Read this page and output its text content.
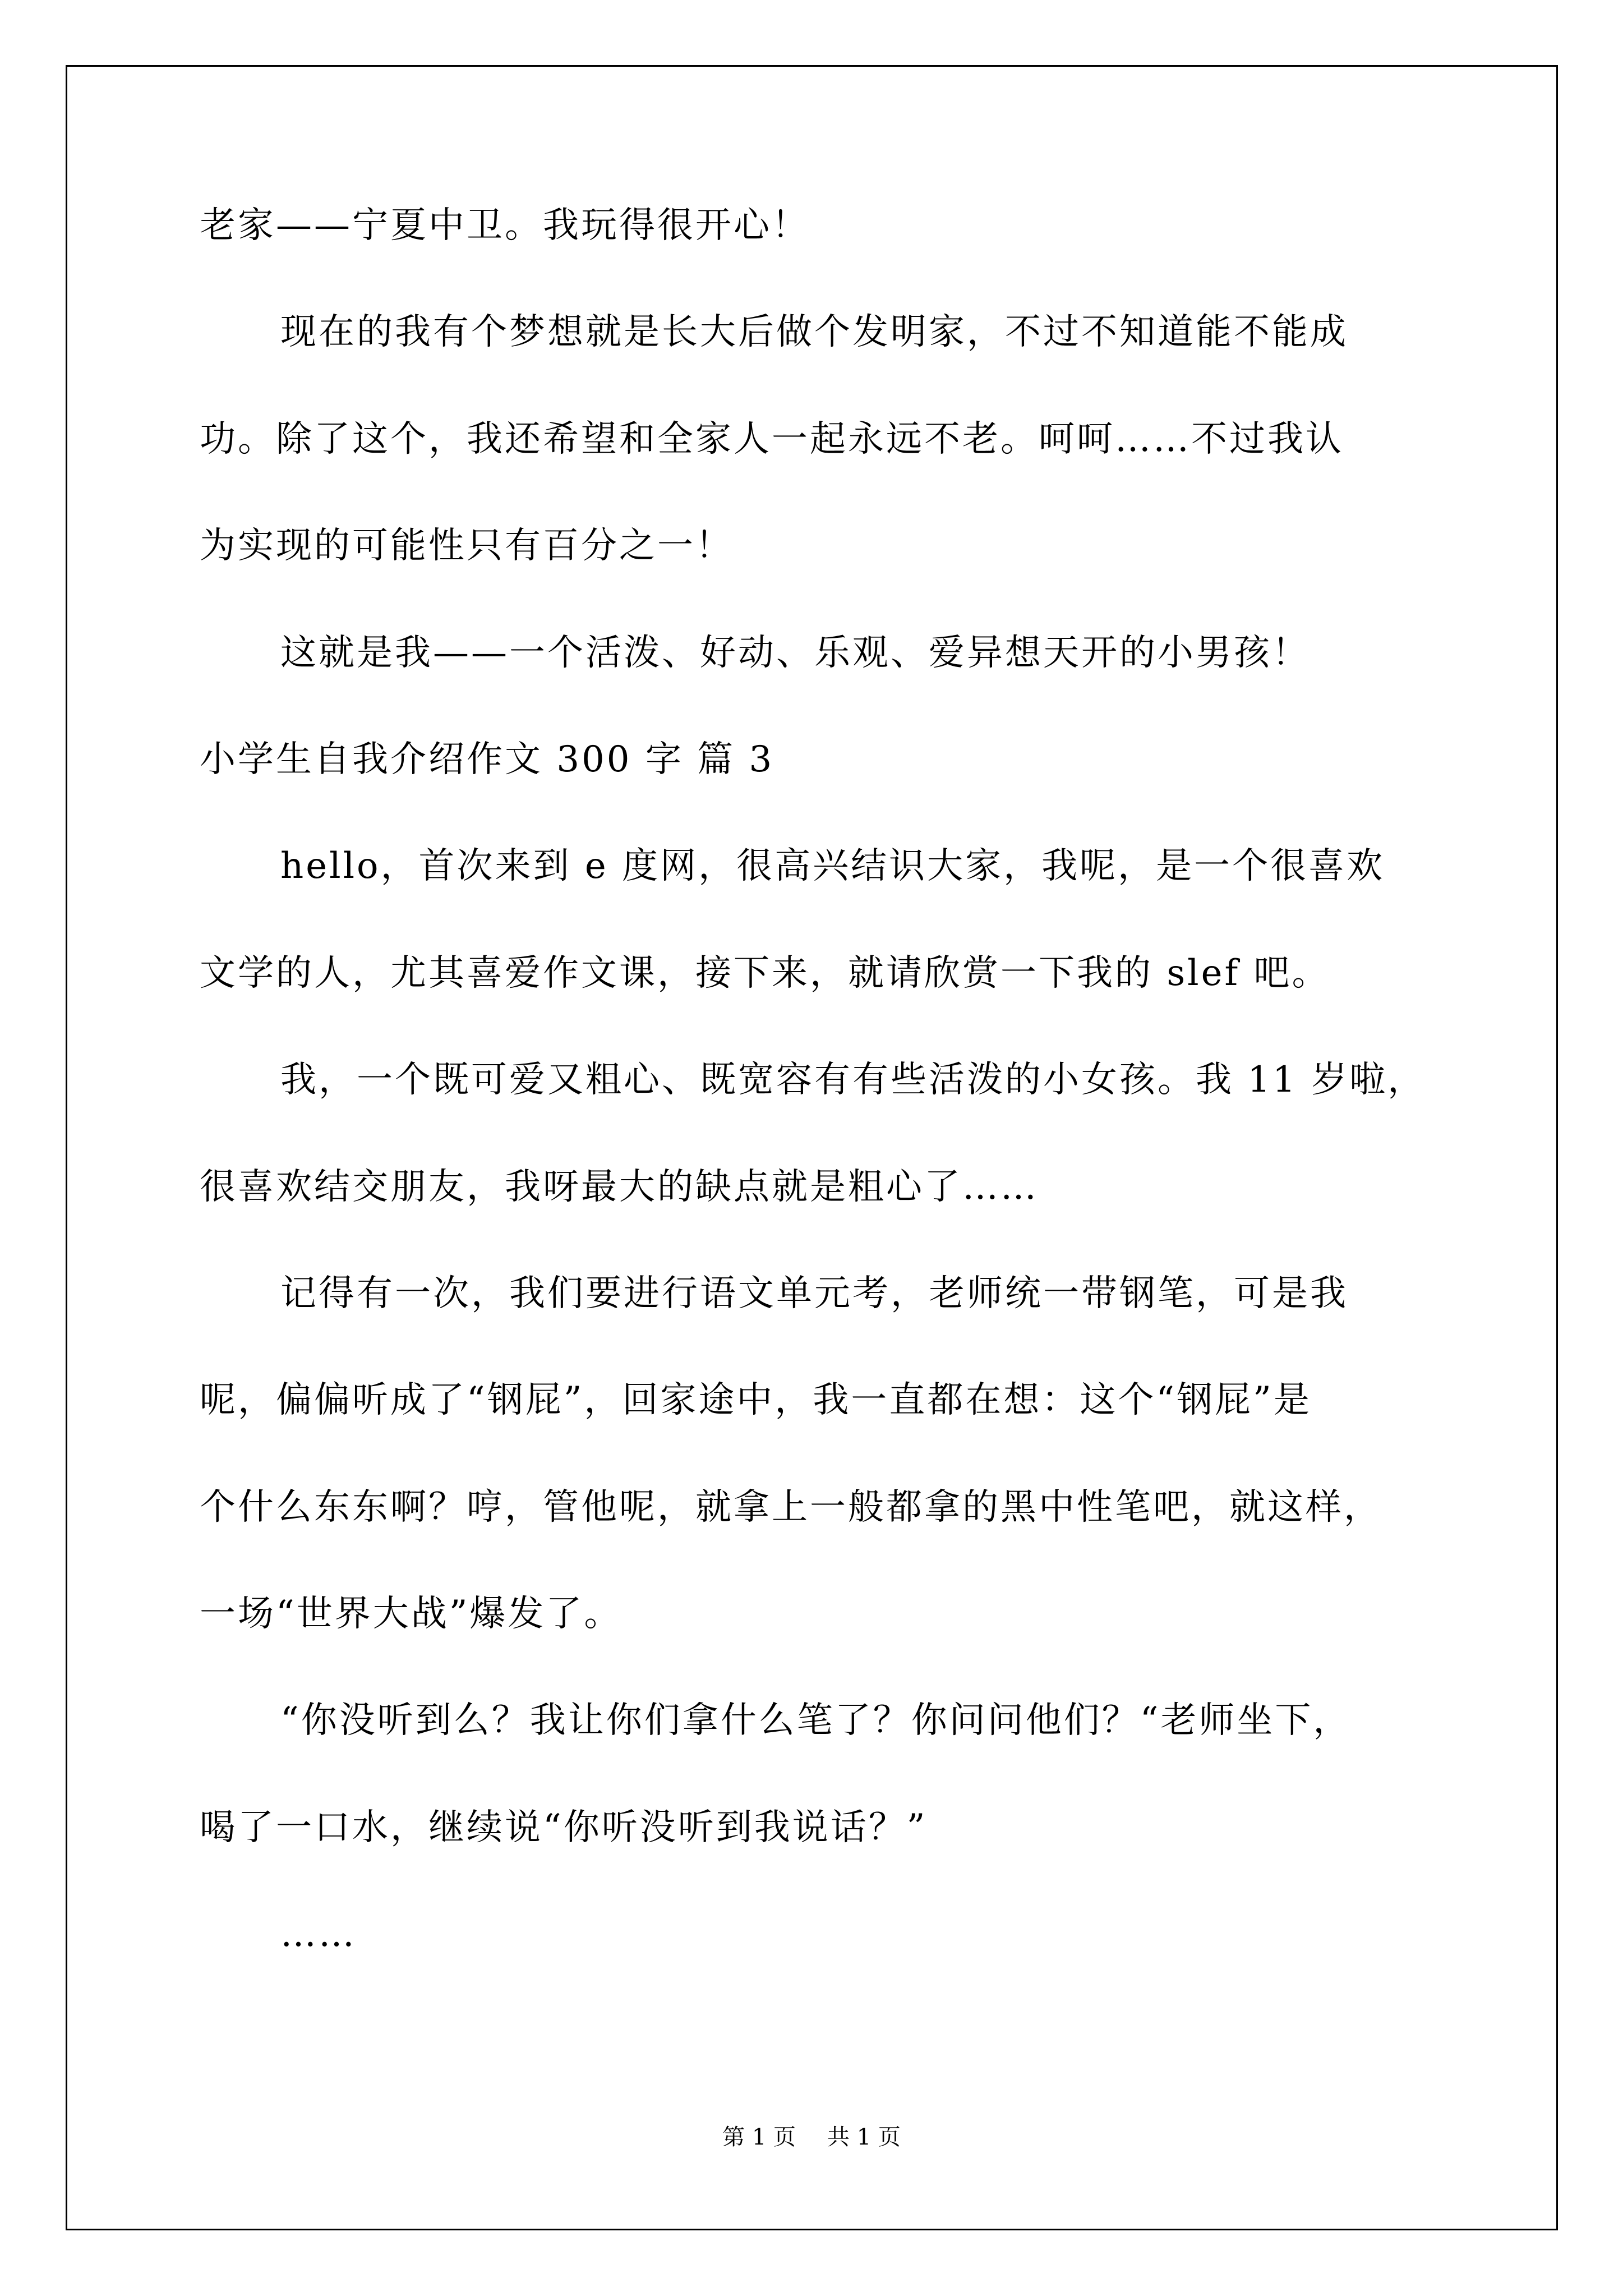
老家——宁夏中卫。我玩得很开心！
现在的我有个梦想就是长大后做个发明家，不过不知道能不能成
功。除了这个，我还希望和全家人一起永远不老。呵呵……不过我认
为实现的可能性只有百分之一！
这就是我——一个活泼、好动、乐观、爱异想天开的小男孩！
小学生自我介绍作文 300 字 篇 3
hello，首次来到 e 度网，很高兴结识大家，我呢，是一个很喜欢
文学的人，尤其喜爱作文课，接下来，就请欣赏一下我的 slef 吧。
我，一个既可爱又粗心、既宽容有有些活泼的小女孩。我 11 岁啦，
很喜欢结交朋友，我呀最大的缺点就是粗心了……
记得有一次，我们要进行语文单元考，老师统一带钢笔，可是我
呢，偏偏听成了“钢屁”，回家途中，我一直都在想：这个“钢屁”是
个什么东东啊？哼，管他呢，就拿上一般都拿的黑中性笔吧，就这样，
一场“世界大战”爆发了。
“你没听到么？我让你们拿什么笔了？你问问他们？“老师坐下，
喝了一口水，继续说“你听没听到我说话？”
……
第 1 页 共 1 页
